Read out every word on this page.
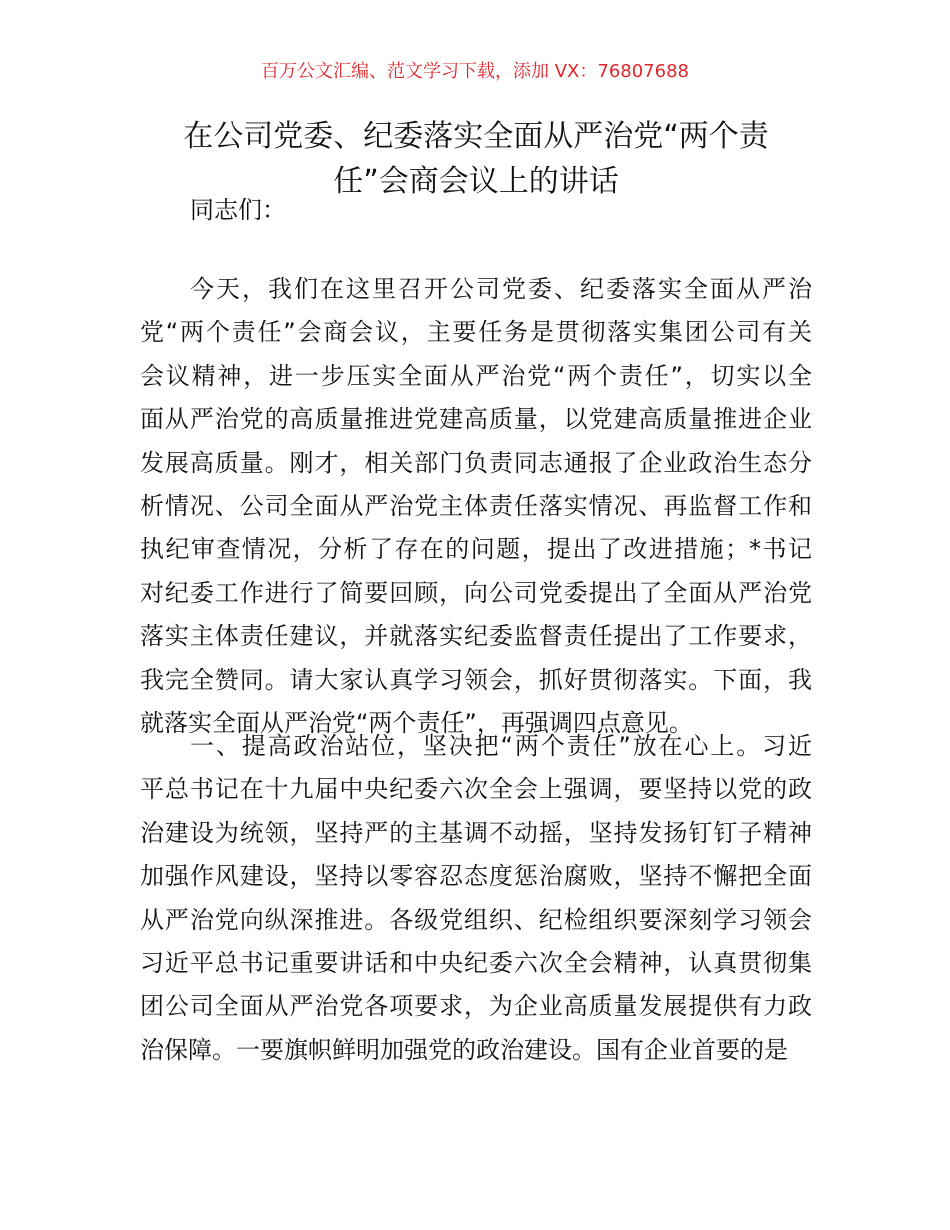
百万公文汇编、范文学习下载，添加 VX：76807688
在公司党委、纪委落实全面从严治党“两个责
任”会商会议上的讲话
同志们：
今天，我们在这里召开公司党委、纪委落实全面从严治
党“两个责任”会商会议，主要任务是贯彻落实集团公司有关
会议精神，进一步压实全面从严治党“两个责任”，切实以全
面从严治党的高质量推进党建高质量，以党建高质量推进企业
发展高质量。刚才，相关部门负责同志通报了企业政治生态分
析情况、公司全面从严治党主体责任落实情况、再监督工作和
执纪审查情况，分析了存在的问题，提出了改进措施；*书记
对纪委工作进行了简要回顾，向公司党委提出了全面从严治党
落实主体责任建议，并就落实纪委监督责任提出了工作要求，
我完全赞同。请大家认真学习领会，抓好贯彻落实。下面，我
就落实全面从严治党“两个责任”，再强调四点意见。
一、提高政治站位，坚决把“两个责任”放在心上。习近
平总书记在十九届中央纪委六次全会上强调，要坚持以党的政
治建设为统领，坚持严的主基调不动摇，坚持发扬钉钉子精神
加强作风建设，坚持以零容忍态度惩治腐败，坚持不懈把全面
从严治党向纵深推进。各级党组织、纪检组织要深刻学习领会
习近平总书记重要讲话和中央纪委六次全会精神，认真贯彻集
团公司全面从严治党各项要求，为企业高质量发展提供有力政
治保障。一要旗帜鲜明加强党的政治建设。国有企业首要的是
